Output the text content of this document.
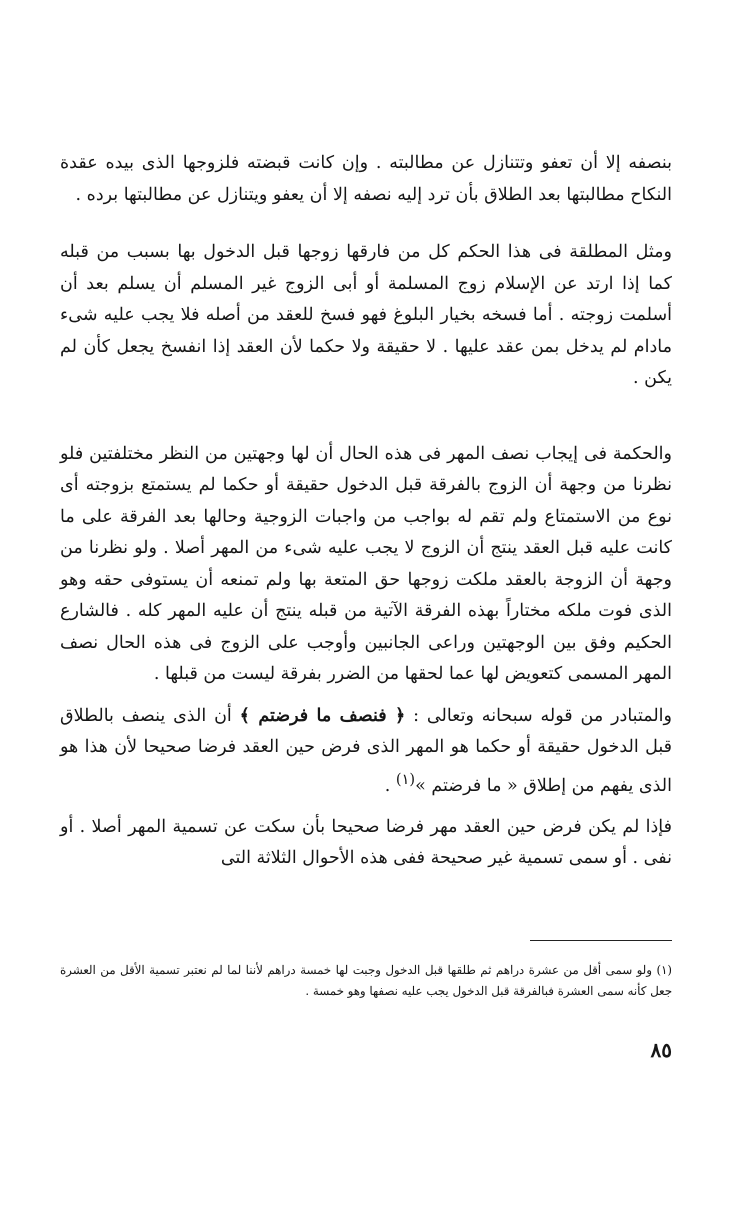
بنصفه إلا أن تعفو وتتنازل عن مطالبته . وإن كانت قبضته فلزوجها الذى بيده عقدة النكاح مطالبتها بعد الطلاق بأن ترد إليه نصفه إلا أن يعفو ويتنازل عن مطالبتها برده .

ومثل المطلقة فى هذا الحكم كل من فارقها زوجها قبل الدخول بها بسبب من قبله كما إذا ارتد عن الإسلام زوج المسلمة أو أبى الزوج غير المسلم أن يسلم بعد أن أسلمت زوجته . أما فسخه بخيار البلوغ فهو فسخ للعقد من أصله فلا يجب عليه شىء مادام لم يدخل بمن عقد عليها . لا حقيقة ولا حكما لأن العقد إذا انفسخ يجعل كأن لم يكن .

والحكمة فى إيجاب نصف المهر فى هذه الحال أن لها وجهتين من النظر مختلفتين فلو نظرنا من وجهة أن الزوج بالفرقة قبل الدخول حقيقة أو حكما لم يستمتع بزوجته أى نوع من الاستمتاع ولم تقم له بواجب من واجبات الزوجية وحالها بعد الفرقة على ما كانت عليه قبل العقد ينتج أن الزوج لا يجب عليه شىء من المهر أصلا . ولو نظرنا من وجهة أن الزوجة بالعقد ملكت زوجها حق المتعة بها ولم تمنعه أن يستوفى حقه وهو الذى فوت ملكه مختاراً بهذه الفرقة الآتية من قبله ينتج أن عليه المهر كله . فالشارع الحكيم وفق بين الوجهتين وراعى الجانبين وأوجب على الزوج فى هذه الحال نصف المهر المسمى كتعويض لها عما لحقها من الضرر بفرقة ليست من قبلها .

والمتبادر من قوله سبحانه وتعالى : ﴿ فنصف ما فرضتم ﴾ أن الذى ينصف بالطلاق قبل الدخول حقيقة أو حكما هو المهر الذى فرض حين العقد فرضا صحيحا لأن هذا هو الذى يفهم من إطلاق « ما فرضتم »$^{(١)}$ .

فإذا لم يكن فرض حين العقد مهر فرضا صحيحا بأن سكت عن تسمية المهر أصلا . أو نفى . أو سمى تسمية غير صحيحة ففى هذه الأحوال الثلاثة التى

(١) ولو سمى أقل من عشرة دراهم ثم طلقها قبل الدخول وجبت لها خمسة دراهم لأننا لما لم نعتبر تسمية الأقل من العشرة جعل كأنه سمى العشرة فبالفرقة قبل الدخول يجب عليه نصفها وهو خمسة .

٨٥
